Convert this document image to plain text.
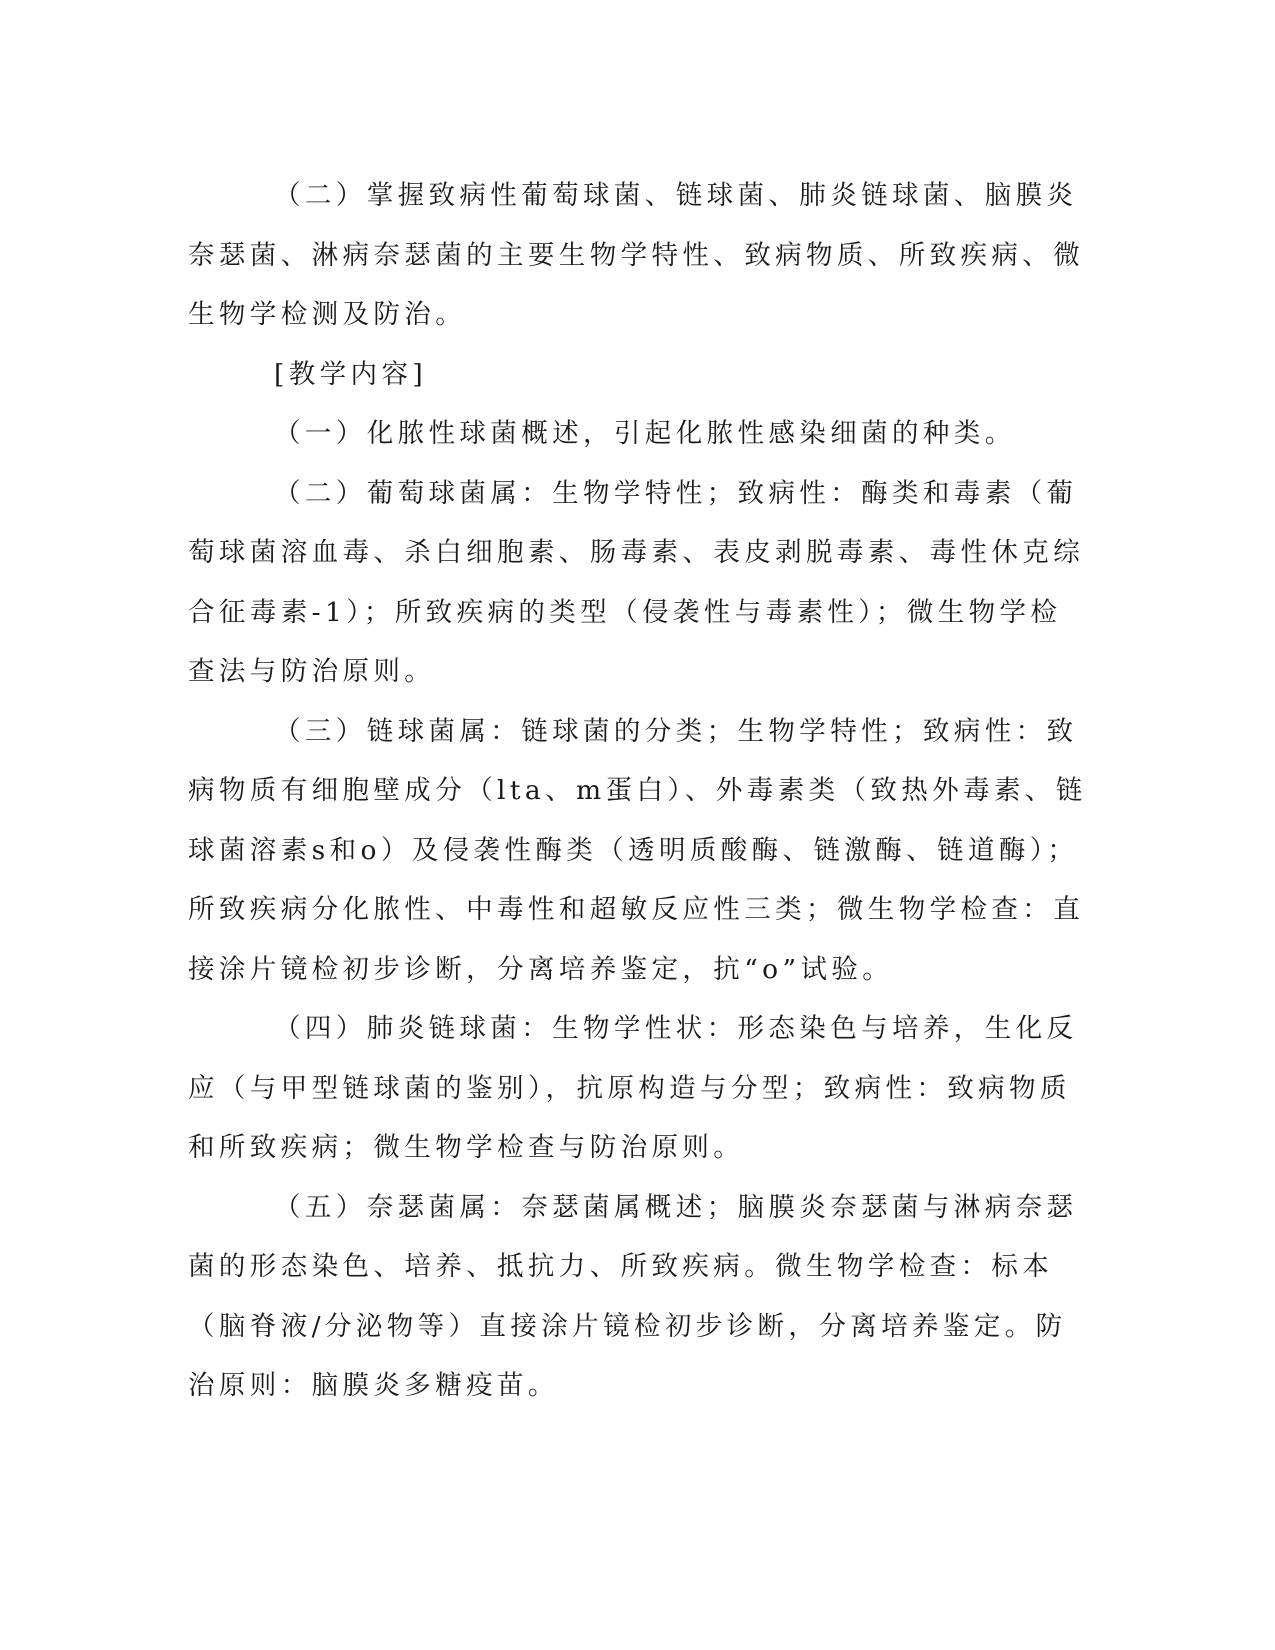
（二）掌握致病性葡萄球菌、链球菌、肺炎链球菌、脑膜炎奈瑟菌、淋病奈瑟菌的主要生物学特性、致病物质、所致疾病、微生物学检测及防治。

[教学内容]

（一）化脓性球菌概述，引起化脓性感染细菌的种类。

（二）葡萄球菌属：生物学特性；致病性：酶类和毒素（葡萄球菌溶血毒、杀白细胞素、肠毒素、表皮剥脱毒素、毒性休克综合征毒素-1）；所致疾病的类型（侵袭性与毒素性）；微生物学检查法与防治原则。

（三）链球菌属：链球菌的分类；生物学特性；致病性：致病物质有细胞壁成分（lta、m蛋白）、外毒素类（致热外毒素、链球菌溶素s和o）及侵袭性酶类（透明质酸酶、链激酶、链道酶）；所致疾病分化脓性、中毒性和超敏反应性三类；微生物学检查：直接涂片镜检初步诊断，分离培养鉴定，抗“o”试验。

（四）肺炎链球菌：生物学性状：形态染色与培养，生化反应（与甲型链球菌的鉴别），抗原构造与分型；致病性：致病物质和所致疾病；微生物学检查与防治原则。

（五）奈瑟菌属：奈瑟菌属概述；脑膜炎奈瑟菌与淋病奈瑟菌的形态染色、培养、抵抗力、所致疾病。微生物学检查：标本（脑脊液/分泌物等）直接涂片镜检初步诊断，分离培养鉴定。防治原则：脑膜炎多糖疫苗。
